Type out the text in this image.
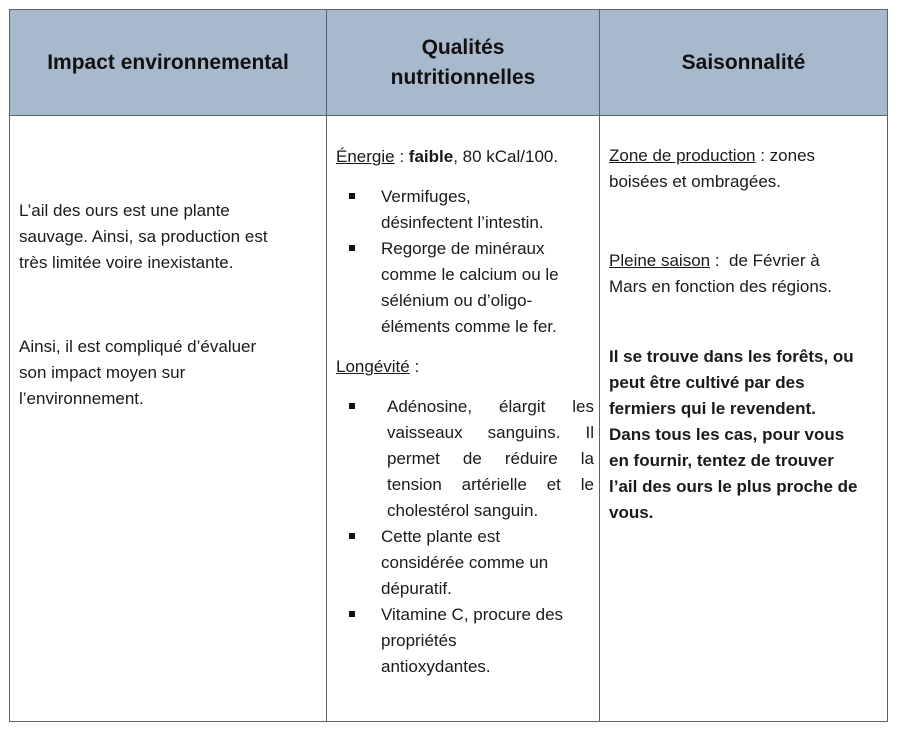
Impact environnemental
Qualités
nutritionnelles
Saisonnalité
L’ail des ours est une plante
sauvage. Ainsi, sa production est
très limitée voire inexistante.
Ainsi, il est compliqué d’évaluer
son impact moyen sur
l’environnement.
Énergie : faible, 80 kCal/100.
Vermifuges,
désinfectent l’intestin.
Regorge de minéraux
comme le calcium ou le
sélénium ou d’oligo-
éléments comme le fer.
Longévité :
Adénosine, élargit les
vaisseaux sanguins. Il
permet de réduire la
tension artérielle et le
cholestérol sanguin.
Cette plante est
considérée comme un
dépuratif.
Vitamine C, procure des
propriétés
antioxydantes.
Zone de production : zones
boisées et ombragées.
Pleine saison :  de Février à
Mars en fonction des régions.
Il se trouve dans les forêts, ou
peut être cultivé par des
fermiers qui le revendent.
Dans tous les cas, pour vous
en fournir, tentez de trouver
l’ail des ours le plus proche de
vous.
